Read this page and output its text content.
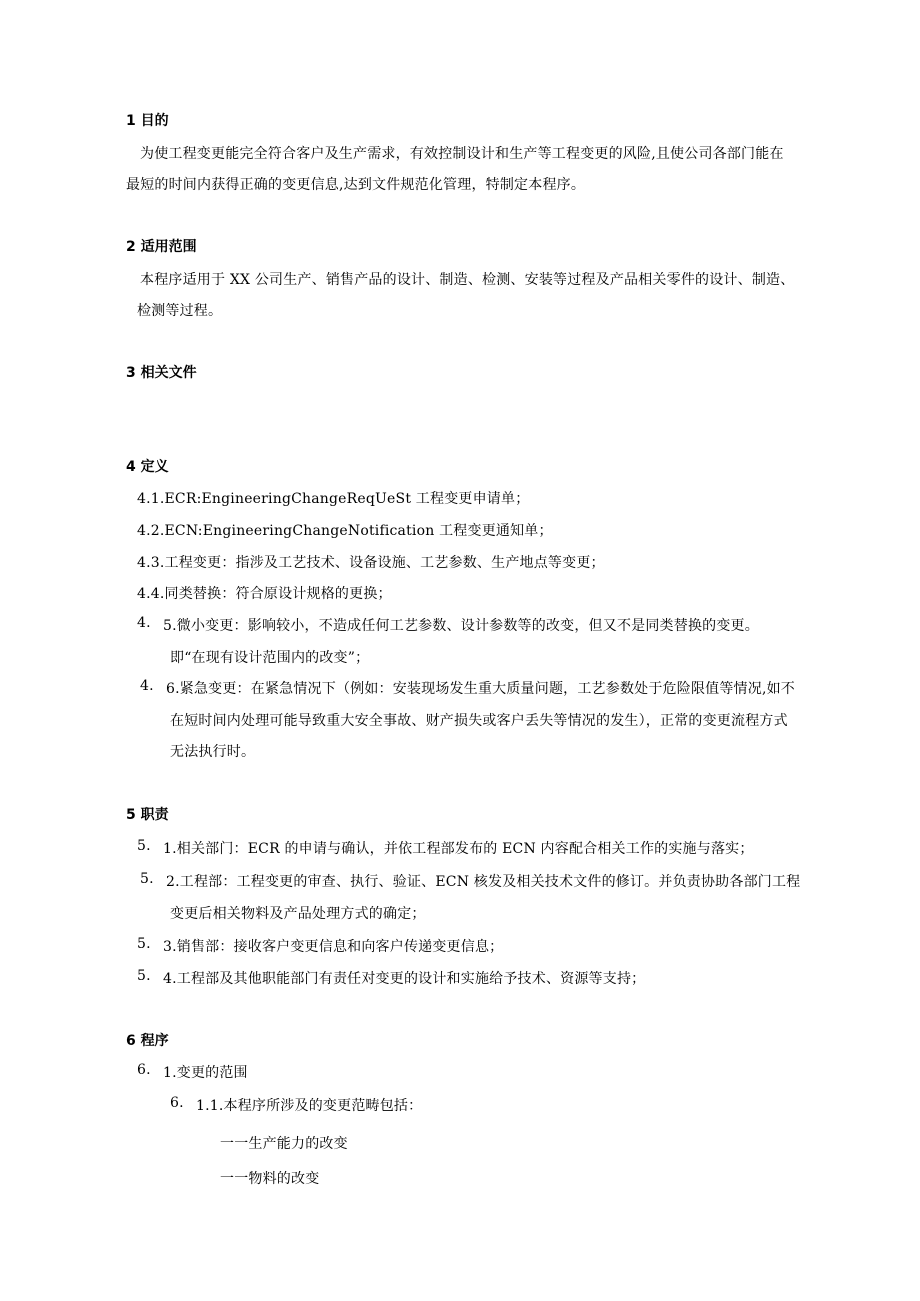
1 目的
为使工程变更能完全符合客户及生产需求，有效控制设计和生产等工程变更的风险,且使公司各部门能在
最短的时间内获得正确的变更信息,达到文件规范化管理，特制定本程序。
2 适用范围
本程序适用于 XX 公司生产、销售产品的设计、制造、检测、安装等过程及产品相关零件的设计、制造、
检测等过程。
3 相关文件
4 定义
4.1.ECR:EngineeringChangeReqUeSt 工程变更申请单；
4.2.ECN:EngineeringChangeNotification 工程变更通知单；
4.3.工程变更：指涉及工艺技术、设备设施、工艺参数、生产地点等变更；
4.4.同类替换：符合原设计规格的更换；
4. 5.微小变更：影响较小，不造成任何工艺参数、设计参数等的改变，但又不是同类替换的变更。
即“在现有设计范围内的改变”；
4. 6.紧急变更：在紧急情况下（例如：安装现场发生重大质量问题，工艺参数处于危险限值等情况,如不
在短时间内处理可能导致重大安全事故、财产损失或客户丢失等情况的发生），正常的变更流程方式
无法执行时。
5 职责
5. 1.相关部门：ECR 的申请与确认，并依工程部发布的 ECN 内容配合相关工作的实施与落实；
5. 2.工程部：工程变更的审查、执行、验证、ECN 核发及相关技术文件的修订。并负责协助各部门工程
变更后相关物料及产品处理方式的确定；
5. 3.销售部：接收客户变更信息和向客户传递变更信息；
5. 4.工程部及其他职能部门有责任对变更的设计和实施给予技术、资源等支持；
6 程序
6. 1.变更的范围
6. 1.1.本程序所涉及的变更范畴包括：
一一生产能力的改变
一一物料的改变
